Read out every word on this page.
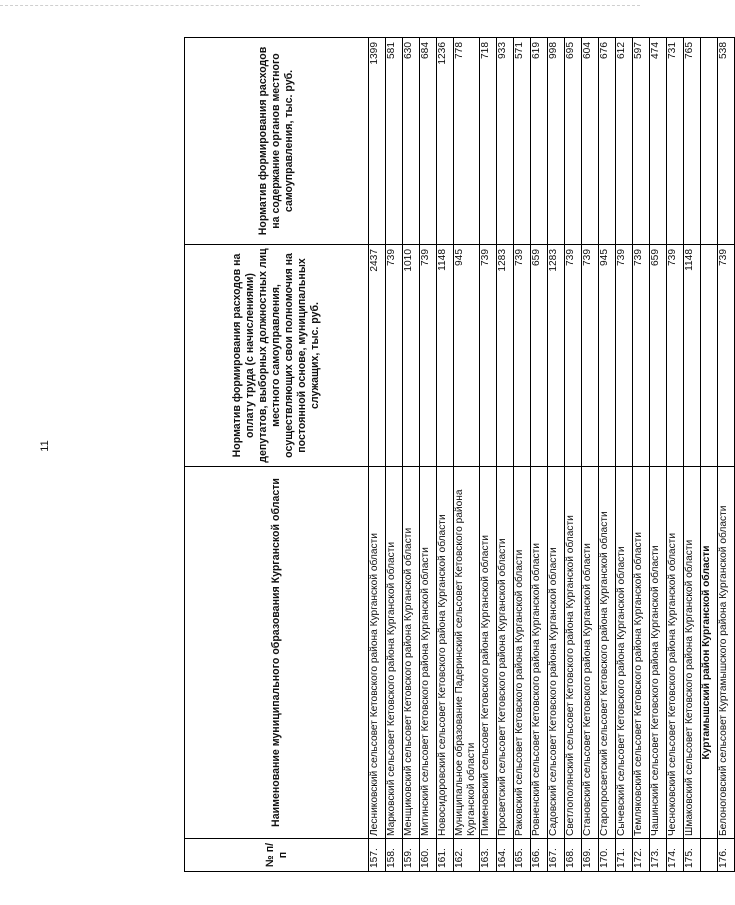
11
№ п/п	Наименование муниципального образования Курганской области	Норматив формирования расходов на оплату труда (с начислениями) депутатов, выборных должностных лиц местного самоуправления, осуществляющих свои полномочия на постоянной основе, муниципальных служащих, тыс. руб.	Норматив формирования расходов на содержание органов местного самоуправления, тыс. руб.
157.	Лесниковский сельсовет Кетовского района Курганской области	2437	1399
158.	Марковский сельсовет Кетовского района Курганской области	739	581
159.	Менщиковский сельсовет Кетовского района Курганской области	1010	630
160.	Митинский сельсовет Кетовского района Курганской области	739	684
161.	Новосидоровский сельсовет Кетовского района Курганской области	1148	1236
162.	Муниципальное образование Падеринский сельсовет Кетовского района Курганской области	945	778
163.	Пименовский сельсовет Кетовского района Курганской области	739	718
164.	Просветский сельсовет Кетовского района Курганской области	1283	933
165.	Раковский сельсовет Кетовского района Курганской области	739	571
166.	Ровненский сельсовет Кетовского района Курганской области	659	619
167.	Садовский сельсовет Кетовского района Курганской области	1283	998
168.	Светлополянский сельсовет Кетовского района Курганской области	739	695
169.	Становский сельсовет Кетовского района Курганской области	739	604
170.	Старопросветский сельсовет Кетовского района Курганской области	945	676
171.	Сычевский сельсовет Кетовского района Курганской области	739	612
172.	Темляковский сельсовет Кетовского района Курганской области	739	597
173.	Чашинский сельсовет Кетовского района Курганской области	659	474
174.	Чесноковский сельсовет Кетовского района Курганской области	739	731
175.	Шмаковский сельсовет Кетовского района Курганской области	1148	765
	Куртамышский район Курганской области		
176.	Белоноговский сельсовет Куртамышского района Курганской области	739	538
